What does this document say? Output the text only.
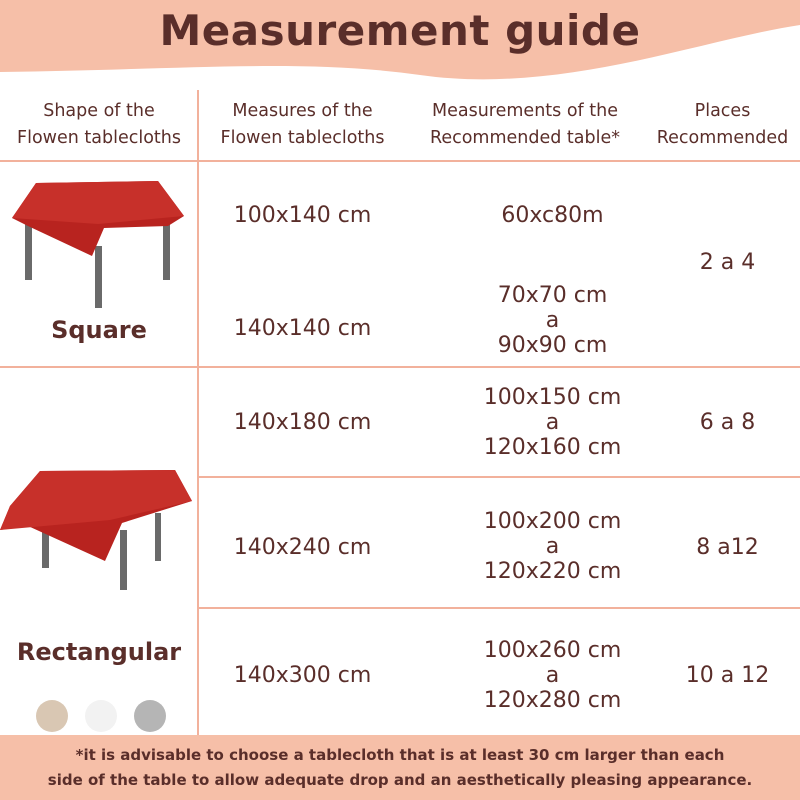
Measurement guide
Shape of the
Flowen tablecloths
Measures of the
Flowen tablecloths
Measurements of the
Recommended table*
Places
Recommended
Square
100x140 cm	60xc80m
140x140 cm
70x70 cm
a
90x90 cm
2 a 4
Rectangular
140x180 cm
100x150 cm
a
120x160 cm
6 a 8
140x240 cm
100x200 cm
a
120x220 cm
8 a12
140x300 cm
100x260 cm
a
120x280 cm
10 a 12
*it is advisable to choose a tablecloth that is at least 30 cm larger than each
side of the table to allow adequate drop and an aesthetically pleasing appearance.
